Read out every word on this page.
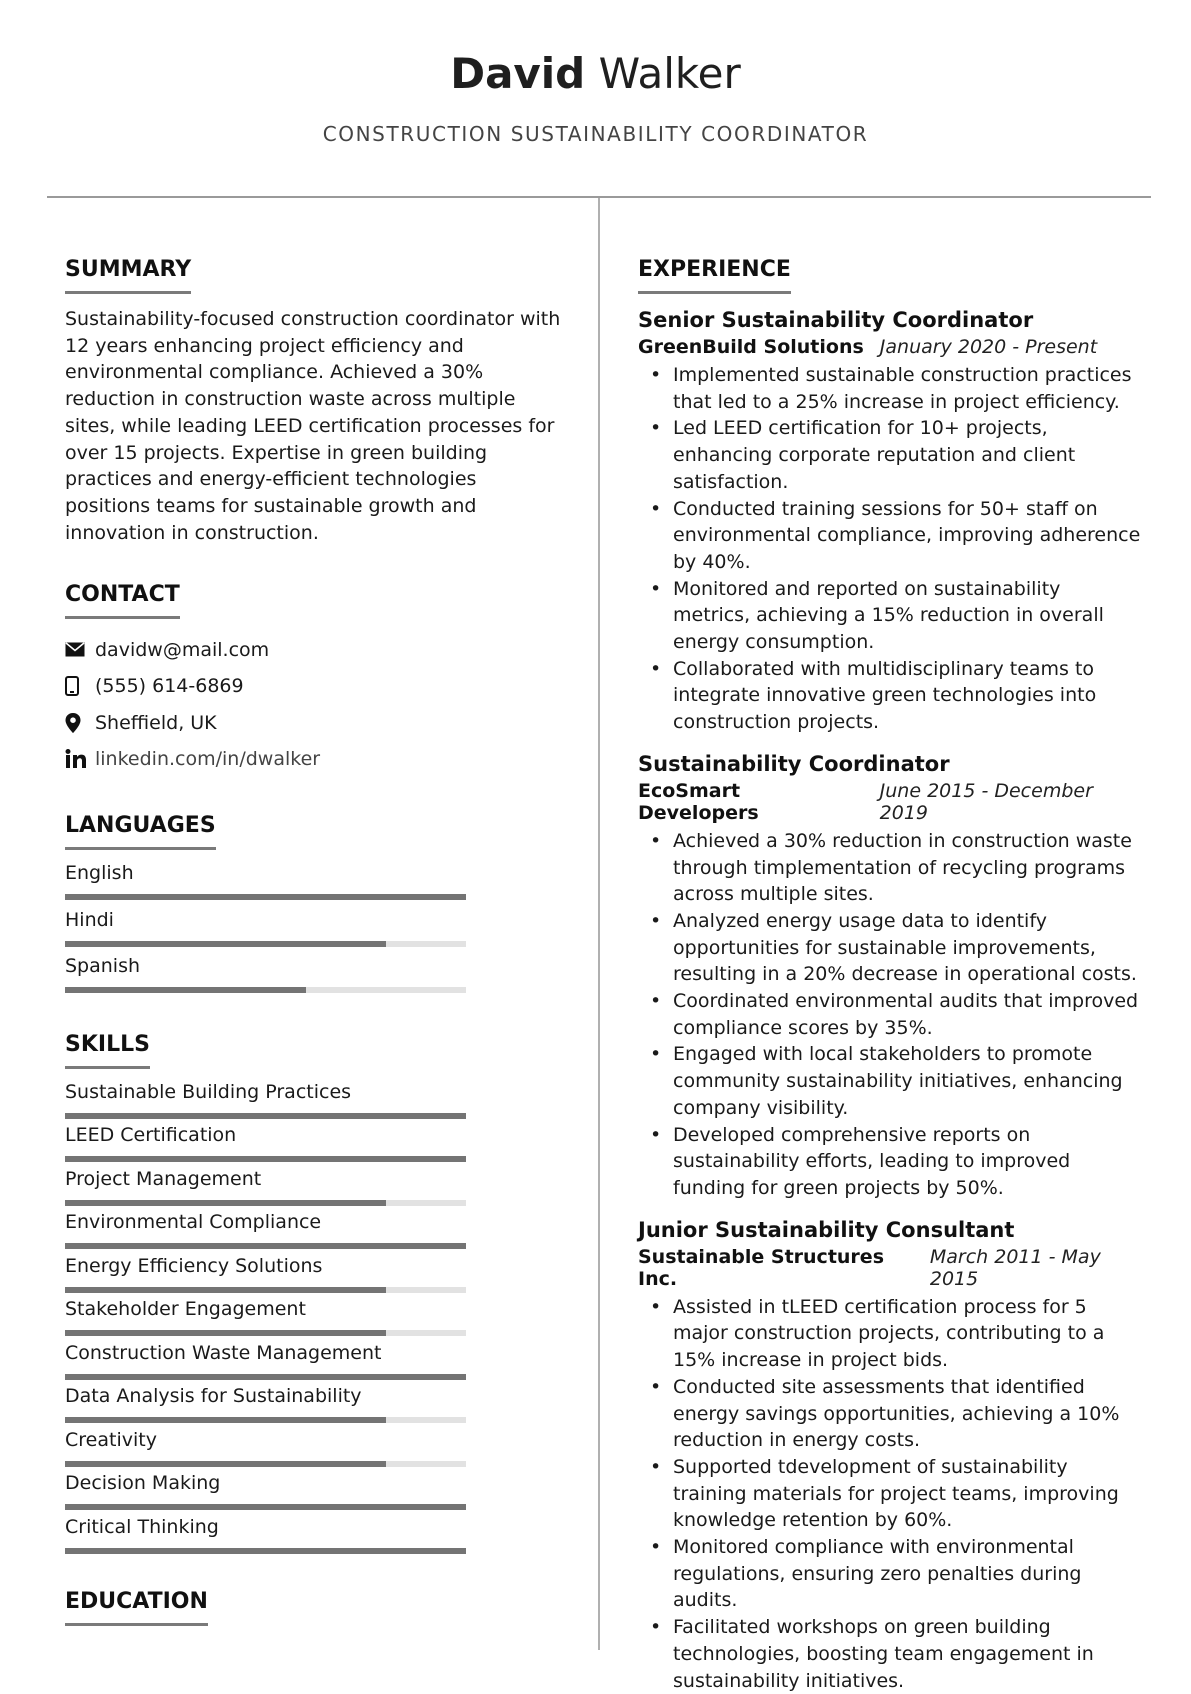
David Walker
CONSTRUCTION SUSTAINABILITY COORDINATOR
SUMMARY
Sustainability-focused construction coordinator with 12 years enhancing project efficiency and environmental compliance. Achieved a 30% reduction in construction waste across multiple sites, while leading LEED certification processes for over 15 projects. Expertise in green building practices and energy-efficient technologies positions teams for sustainable growth and innovation in construction.
CONTACT
davidw@mail.com
(555) 614-6869
Sheffield, UK
linkedin.com/in/dwalker
LANGUAGES
English
Hindi
Spanish
SKILLS
Sustainable Building Practices
LEED Certification
Project Management
Environmental Compliance
Energy Efficiency Solutions
Stakeholder Engagement
Construction Waste Management
Data Analysis for Sustainability
Creativity
Decision Making
Critical Thinking
EDUCATION
EXPERIENCE
Senior Sustainability Coordinator
GreenBuild Solutions January 2020 - Present
• Implemented sustainable construction practices that led to a 25% increase in project efficiency.
• Led LEED certification for 10+ projects, enhancing corporate reputation and client satisfaction.
• Conducted training sessions for 50+ staff on environmental compliance, improving adherence by 40%.
• Monitored and reported on sustainability metrics, achieving a 15% reduction in overall energy consumption.
• Collaborated with multidisciplinary teams to integrate innovative green technologies into construction projects.
Sustainability Coordinator
EcoSmart Developers
June 2015 - December 2019
• Achieved a 30% reduction in construction waste through timplementation of recycling programs across multiple sites.
• Analyzed energy usage data to identify opportunities for sustainable improvements, resulting in a 20% decrease in operational costs.
• Coordinated environmental audits that improved compliance scores by 35%.
• Engaged with local stakeholders to promote community sustainability initiatives, enhancing company visibility.
• Developed comprehensive reports on sustainability efforts, leading to improved funding for green projects by 50%.
Junior Sustainability Consultant
Sustainable Structures Inc.
March 2011 - May 2015
• Assisted in tLEED certification process for 5 major construction projects, contributing to a 15% increase in project bids.
• Conducted site assessments that identified energy savings opportunities, achieving a 10% reduction in energy costs.
• Supported tdevelopment of sustainability training materials for project teams, improving knowledge retention by 60%.
• Monitored compliance with environmental regulations, ensuring zero penalties during audits.
• Facilitated workshops on green building technologies, boosting team engagement in sustainability initiatives.
